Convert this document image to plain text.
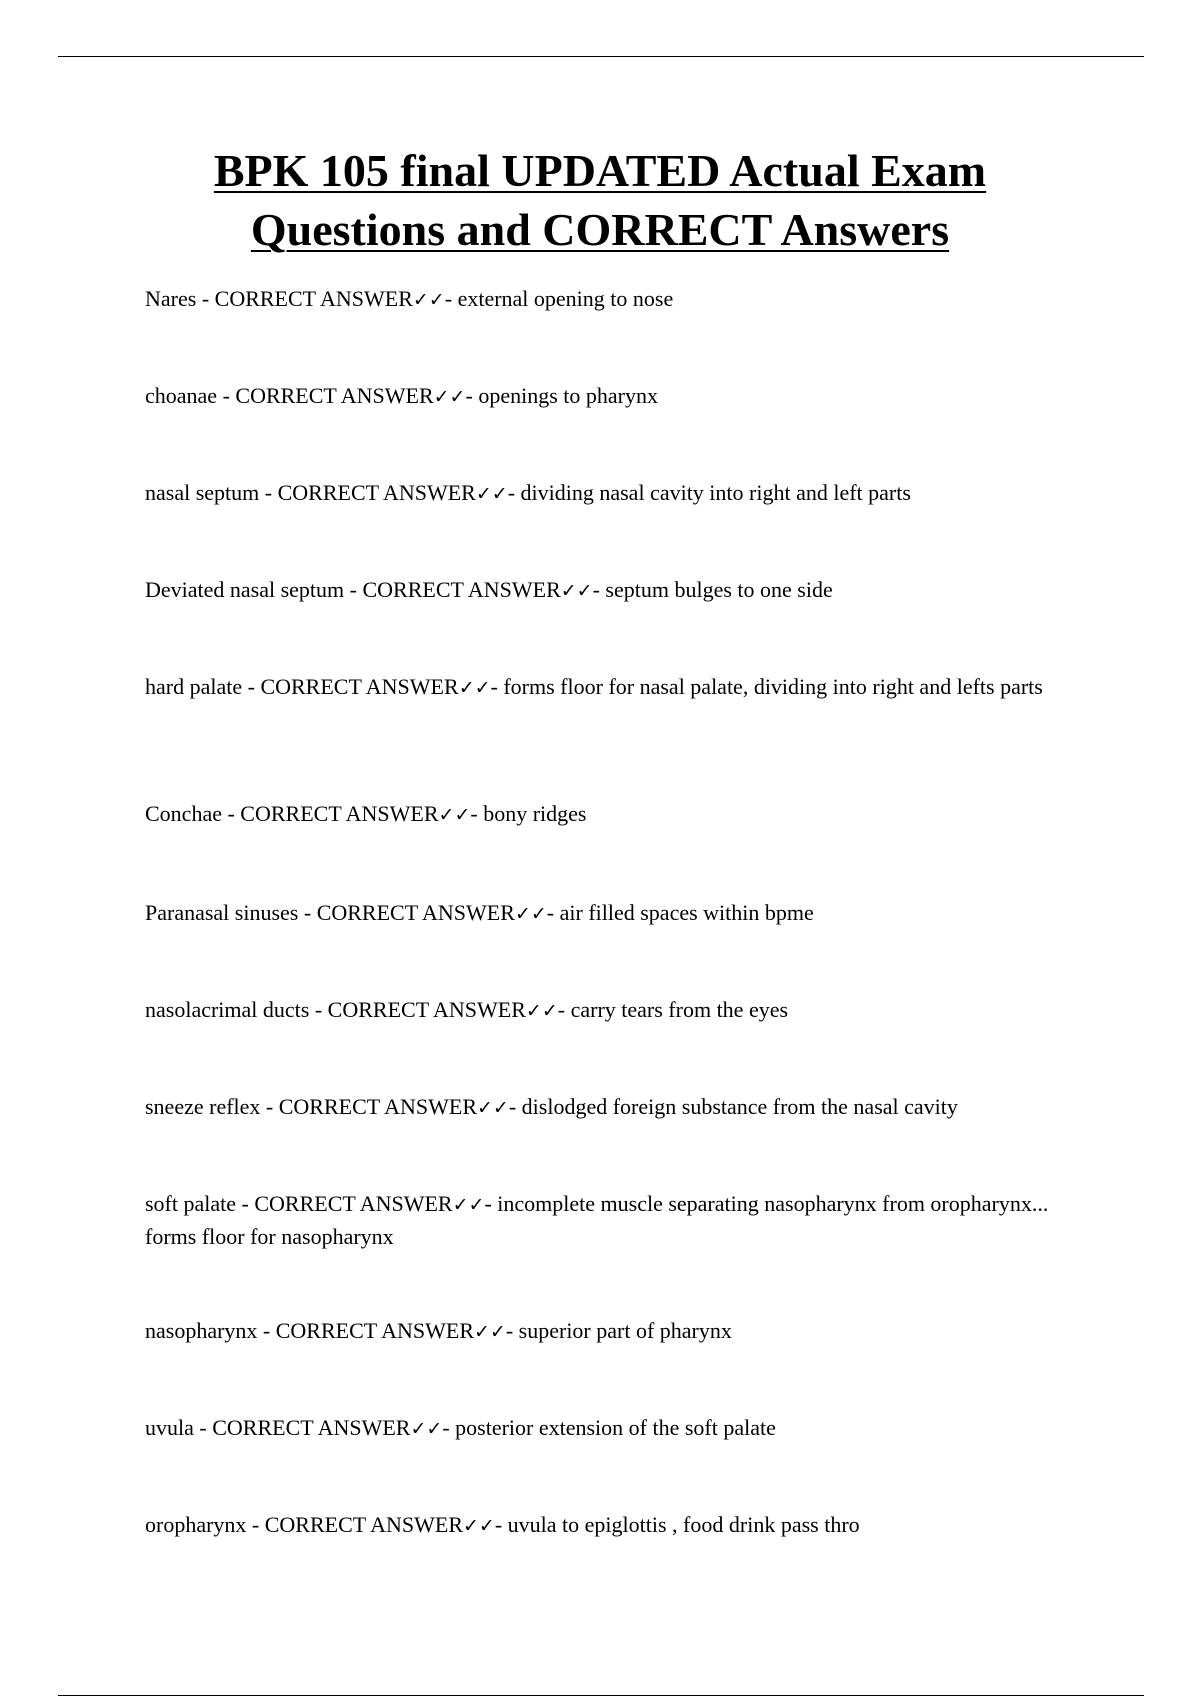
BPK 105 final UPDATED Actual Exam
Questions and CORRECT Answers

Nares - CORRECT ANSWER✓✓- external opening to nose

choanae - CORRECT ANSWER✓✓- openings to pharynx

nasal septum - CORRECT ANSWER✓✓- dividing nasal cavity into right and left parts

Deviated nasal septum - CORRECT ANSWER✓✓- septum bulges to one side

hard palate - CORRECT ANSWER✓✓- forms floor for nasal palate, dividing into right and lefts parts

Conchae - CORRECT ANSWER✓✓- bony ridges

Paranasal sinuses - CORRECT ANSWER✓✓- air filled spaces within bpme

nasolacrimal ducts - CORRECT ANSWER✓✓- carry tears from the eyes

sneeze reflex - CORRECT ANSWER✓✓- dislodged foreign substance from the nasal cavity

soft palate - CORRECT ANSWER✓✓- incomplete muscle separating nasopharynx from oropharynx... forms floor for nasopharynx

nasopharynx - CORRECT ANSWER✓✓- superior part of pharynx

uvula - CORRECT ANSWER✓✓- posterior extension of the soft palate

oropharynx - CORRECT ANSWER✓✓- uvula to epiglottis , food drink pass thro
